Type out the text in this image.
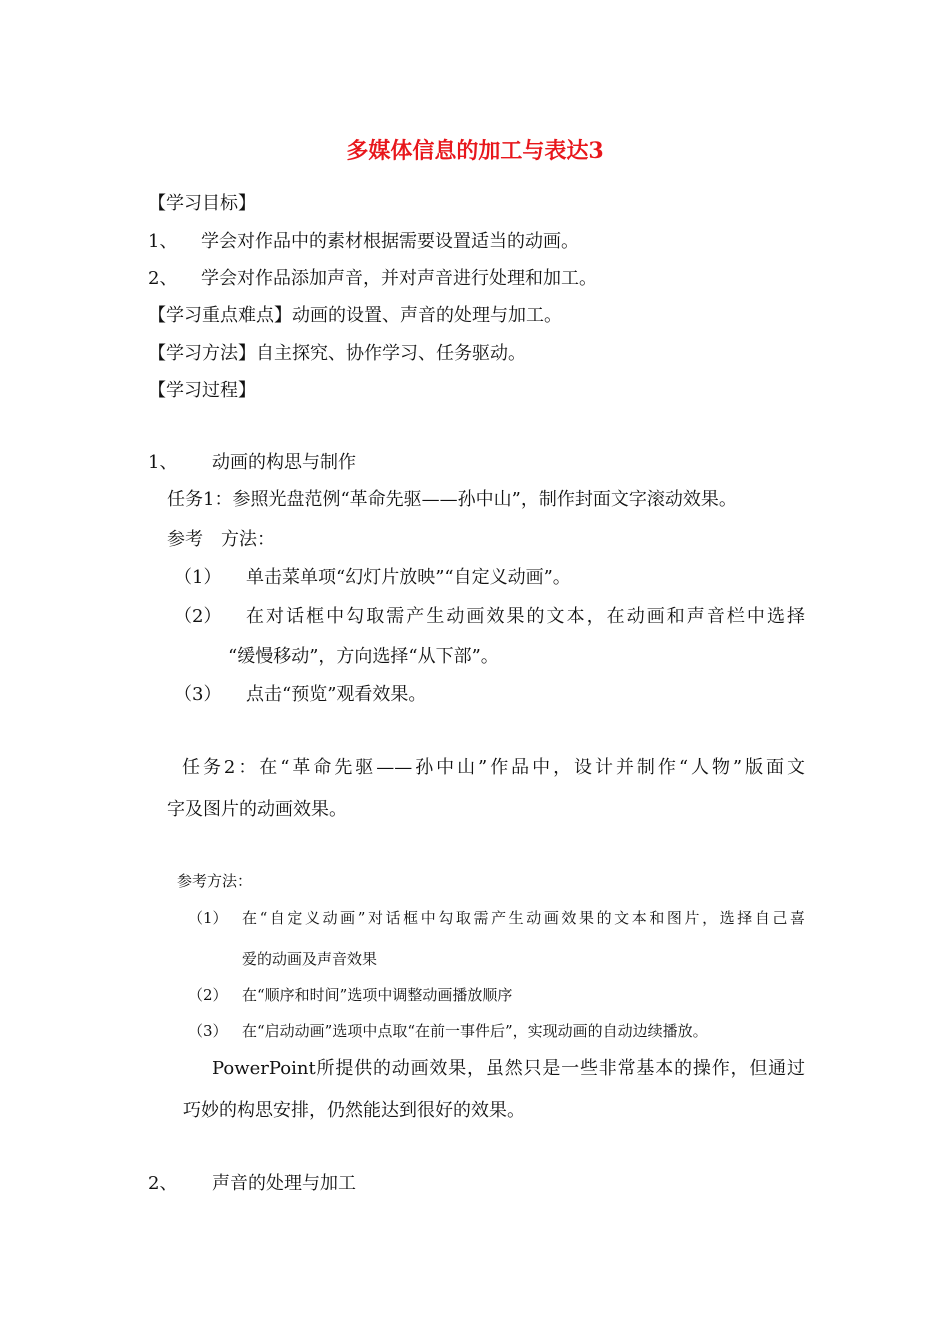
多媒体信息的加工与表达3
【学习目标】
1、 学会对作品中的素材根据需要设置适当的动画。
2、 学会对作品添加声音，并对声音进行处理和加工。
【学习重点难点】动画的设置、声音的处理与加工。
【学习方法】自主探究、协作学习、任务驱动。
【学习过程】
1、 动画的构思与制作
任务1：参照光盘范例“革命先驱——孙中山”，制作封面文字滚动效果。
参考　方法：
（1） 单击菜单项“幻灯片放映”“自定义动画”。
（2） 在对话框中勾取需产生动画效果的文本，在动画和声音栏中选择
“缓慢移动”，方向选择“从下部”。
（3） 点击“预览”观看效果。
任务2：在“革命先驱——孙中山”作品中，设计并制作“人物”版面文
字及图片的动画效果。
参考方法：
（1） 在“自定义动画”对话框中勾取需产生动画效果的文本和图片，选择自己喜
爱的动画及声音效果
（2） 在“顺序和时间”选项中调整动画播放顺序
（3） 在“启动动画”选项中点取“在前一事件后”，实现动画的自动边续播放。
PowerPoint所提供的动画效果，虽然只是一些非常基本的操作，但通过
巧妙的构思安排，仍然能达到很好的效果。
2、 声音的处理与加工
